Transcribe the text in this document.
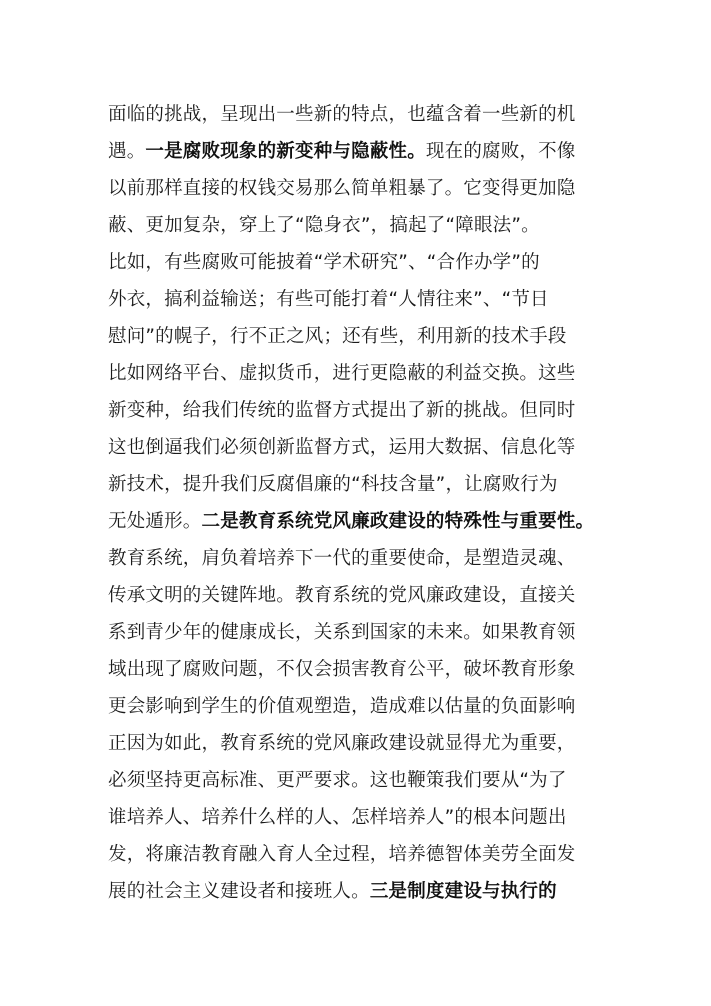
面临的挑战，呈现出一些新的特点，也蕴含着一些新的机
遇。一是腐败现象的新变种与隐蔽性。现在的腐败，不像
以前那样直接的权钱交易那么简单粗暴了。它变得更加隐
蔽、更加复杂，穿上了“隐身衣”，搞起了“障眼法”。
比如，有些腐败可能披着“学术研究”、“合作办学”的
外衣，搞利益输送；有些可能打着“人情往来”、“节日
慰问”的幌子，行不正之风；还有些，利用新的技术手段
比如网络平台、虚拟货币，进行更隐蔽的利益交换。这些
新变种，给我们传统的监督方式提出了新的挑战。但同时
这也倒逼我们必须创新监督方式，运用大数据、信息化等
新技术，提升我们反腐倡廉的“科技含量”，让腐败行为
无处遁形。二是教育系统党风廉政建设的特殊性与重要性。
教育系统，肩负着培养下一代的重要使命，是塑造灵魂、
传承文明的关键阵地。教育系统的党风廉政建设，直接关
系到青少年的健康成长，关系到国家的未来。如果教育领
域出现了腐败问题，不仅会损害教育公平，破坏教育形象
更会影响到学生的价值观塑造，造成难以估量的负面影响
正因为如此，教育系统的党风廉政建设就显得尤为重要，
必须坚持更高标准、更严要求。这也鞭策我们要从“为了
谁培养人、培养什么样的人、怎样培养人”的根本问题出
发，将廉洁教育融入育人全过程，培养德智体美劳全面发
展的社会主义建设者和接班人。三是制度建设与执行的
